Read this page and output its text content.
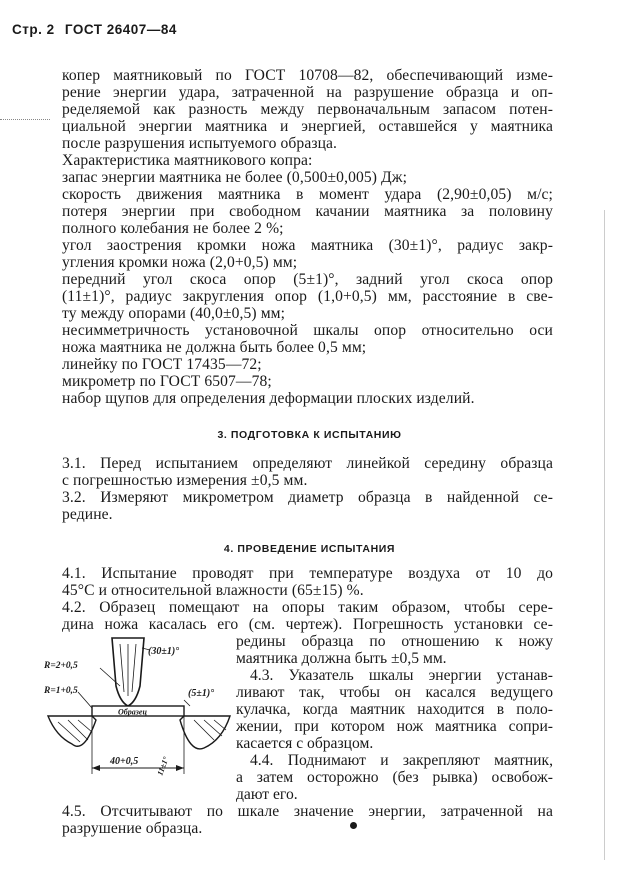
Стр. 2 ГОСТ 26407—84
копер маятниковый по ГОСТ 10708—82, обеспечивающий изме-
рение энергии удара, затраченной на разрушение образца и оп-
ределяемой как разность между первоначальным запасом потен-
циальной энергии маятника и энергией, оставшейся у маятника
после разрушения испытуемого образца.
Характеристика маятникового копра:
запас энергии маятника не более (0,500±0,005) Дж;
скорость движения маятника в момент удара (2,90±0,05) м/с;
потеря энергии при свободном качании маятника за половину
полного колебания не более 2 %;
угол заострения кромки ножа маятника (30±1)°, радиус закр-
угления кромки ножа (2,0+0,5) мм;
передний угол скоса опор (5±1)°, задний угол скоса опор
(11±1)°, радиус закругления опор (1,0+0,5) мм, расстояние в све-
ту между опорами (40,0±0,5) мм;
несимметричность установочной шкалы опор относительно оси
ножа маятника не должна быть более 0,5 мм;
линейку по ГОСТ 17435—72;
микрометр по ГОСТ 6507—78;
набор щупов для определения деформации плоских изделий.
3. ПОДГОТОВКА К ИСПЫТАНИЮ
3.1. Перед испытанием определяют линейкой середину образца
с погрешностью измерения ±0,5 мм.
3.2. Измеряют микрометром диаметр образца в найденной се-
редине.
4. ПРОВЕДЕНИЕ ИСПЫТАНИЯ
4.1. Испытание проводят при температуре воздуха от 10 до
45°С и относительной влажности (65±15) %.
4.2. Образец помещают на опоры таким образом, чтобы сере-
дина ножа касалась его (см. чертеж). Погрешность установки се-
редины образца по отношению к ножу
маятника должна быть ±0,5 мм.
4.3. Указатель шкалы энергии устанав-
ливают так, чтобы он касался ведущего
кулачка, когда маятник находится в поло-
жении, при котором нож маятника сопри-
касается с образцом.
4.4. Поднимают и закрепляют маятник,
а затем осторожно (без рывка) освобож-
дают его.
4.5. Отсчитывают по шкале значение энергии, затраченной на
разрушение образца.
Образец
40+0,5
(30±1)°
R=2+0,5
R=1+0,5	(5±1)°
11±1°
